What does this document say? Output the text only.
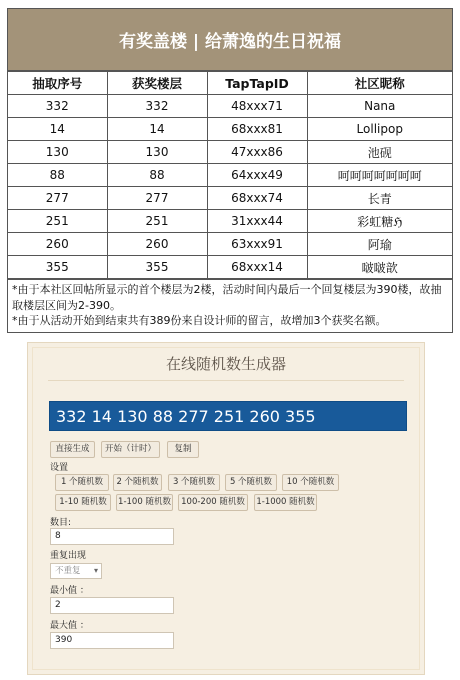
有奖盖楼 | 给萧逸的生日祝福
抽取序号	获奖楼层	TapTapID	社区昵称
332	332	48xxx71	Nana
14	14	68xxx81	Lollipop
130	130	47xxx86	池砚
88	88	64xxx49	呵呵呵呵呵呵呵
277	277	68xxx74	长青
251	251	31xxx44	彩虹糖ℌ
260	260	63xxx91	阿瑜
355	355	68xxx14	啵啵歆
*由于本社区回帖所显示的首个楼层为2楼，活动时间内最后一个回复楼层为390楼，故抽取楼层区间为2-390。
*由于从活动开始到结束共有389份来自设计师的留言，故增加3个获奖名额。
在线随机数生成器
332 14 130 88 277 251 260 355
直接生成	开始（计时）	复制
设置
1 个随机数	2 个随机数	3 个随机数	5 个随机数	10 个随机数
1-10 随机数	1-100 随机数	100-200 随机数	1-1000 随机数
数目:
8
重复出现
不重复 ▾
最小值 ：
2
最大值 ：
390
